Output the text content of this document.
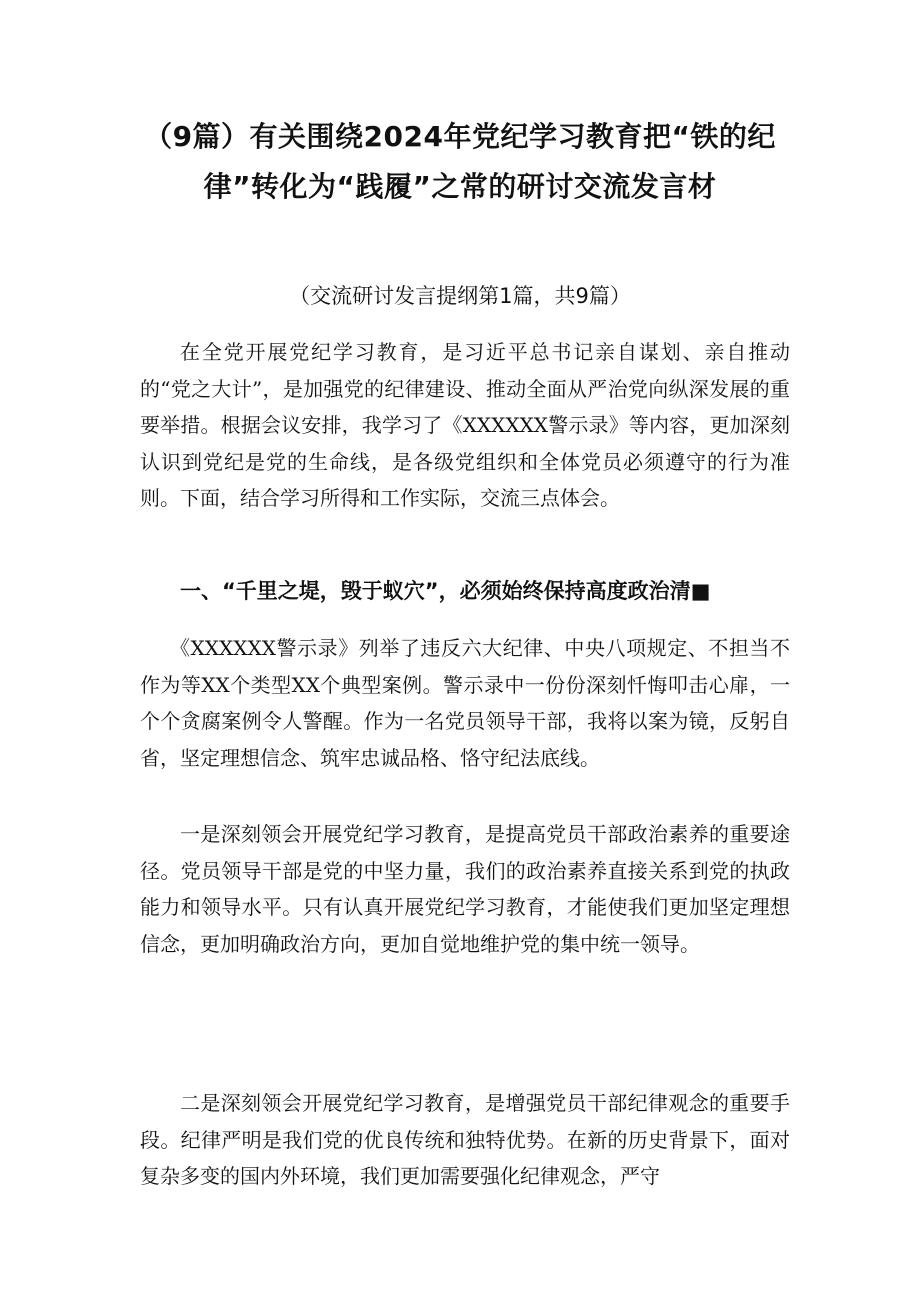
（9篇）有关围绕2024年党纪学习教育把“铁的纪律”转化为“践履”之常的研讨交流发言材

（交流研讨发言提纲第1篇，共9篇）

在全党开展党纪学习教育，是习近平总书记亲自谋划、亲自推动的“党之大计”，是加强党的纪律建设、推动全面从严治党向纵深发展的重要举措。根据会议安排，我学习了《XXXXXX警示录》等内容，更加深刻认识到党纪是党的生命线，是各级党组织和全体党员必须遵守的行为准则。下面，结合学习所得和工作实际，交流三点体会。

一、“千里之堤，毁于蚁穴”，必须始终保持高度政治清■

《XXXXXX警示录》列举了违反六大纪律、中央八项规定、不担当不作为等XX个类型XX个典型案例。警示录中一份份深刻忏悔叩击心扉，一个个贪腐案例令人警醒。作为一名党员领导干部，我将以案为镜，反躬自省，坚定理想信念、筑牢忠诚品格、恪守纪法底线。

一是深刻领会开展党纪学习教育，是提高党员干部政治素养的重要途径。党员领导干部是党的中坚力量，我们的政治素养直接关系到党的执政能力和领导水平。只有认真开展党纪学习教育，才能使我们更加坚定理想信念，更加明确政治方向，更加自觉地维护党的集中统一领导。

二是深刻领会开展党纪学习教育，是增强党员干部纪律观念的重要手段。纪律严明是我们党的优良传统和独特优势。在新的历史背景下，面对复杂多变的国内外环境，我们更加需要强化纪律观念，严守
